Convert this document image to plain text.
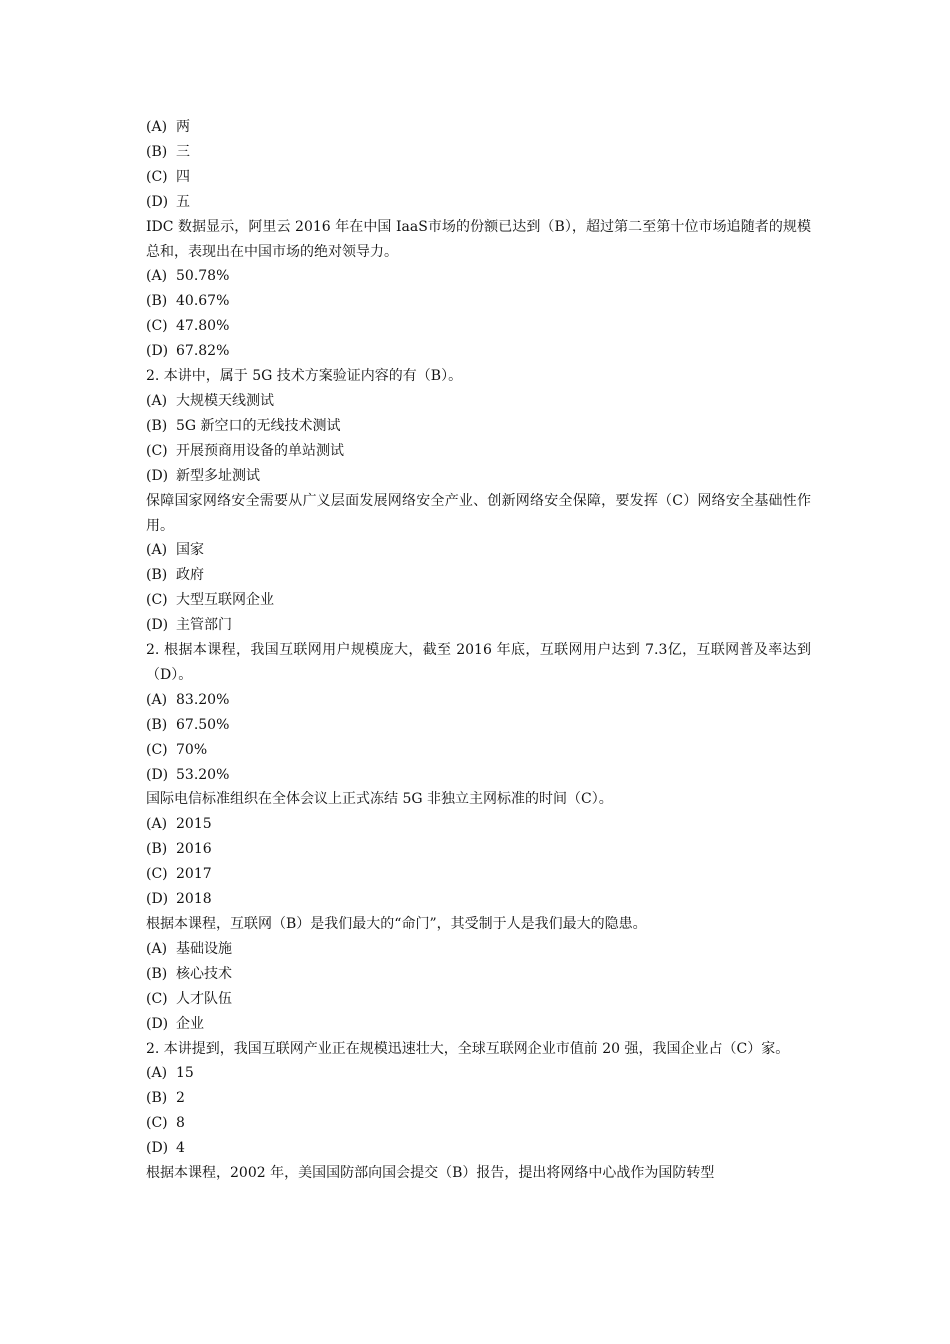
(A) 两

(B) 三

(C) 四

(D) 五

IDC 数据显示，阿里云 2016 年在中国 IaaS市场的份额已达到（B），超过第二至第十位市场追随者的规模总和，表现出在中国市场的绝对领导力。

(A) 50.78%

(B) 40.67%

(C) 47.80%

(D) 67.82%

2. 本讲中，属于 5G 技术方案验证内容的有（B）。

(A) 大规模天线测试

(B) 5G 新空口的无线技术测试

(C) 开展预商用设备的单站测试

(D) 新型多址测试

保障国家网络安全需要从广义层面发展网络安全产业、创新网络安全保障，要发挥（C）网络安全基础性作用。

(A) 国家

(B) 政府

(C) 大型互联网企业

(D) 主管部门

2. 根据本课程，我国互联网用户规模庞大，截至 2016 年底，互联网用户达到 7.3亿，互联网普及率达到（D）。

(A) 83.20%

(B) 67.50%

(C) 70%

(D) 53.20%

国际电信标准组织在全体会议上正式冻结 5G 非独立主网标准的时间（C）。

(A) 2015

(B) 2016

(C) 2017

(D) 2018

根据本课程，互联网（B）是我们最大的“命门”，其受制于人是我们最大的隐患。

(A) 基础设施

(B) 核心技术

(C) 人才队伍

(D) 企业

2. 本讲提到，我国互联网产业正在规模迅速壮大，全球互联网企业市值前 20 强，我国企业占（C）家。

(A) 15

(B) 2

(C) 8

(D) 4

根据本课程，2002 年，美国国防部向国会提交（B）报告，提出将网络中心战作为国防转型
